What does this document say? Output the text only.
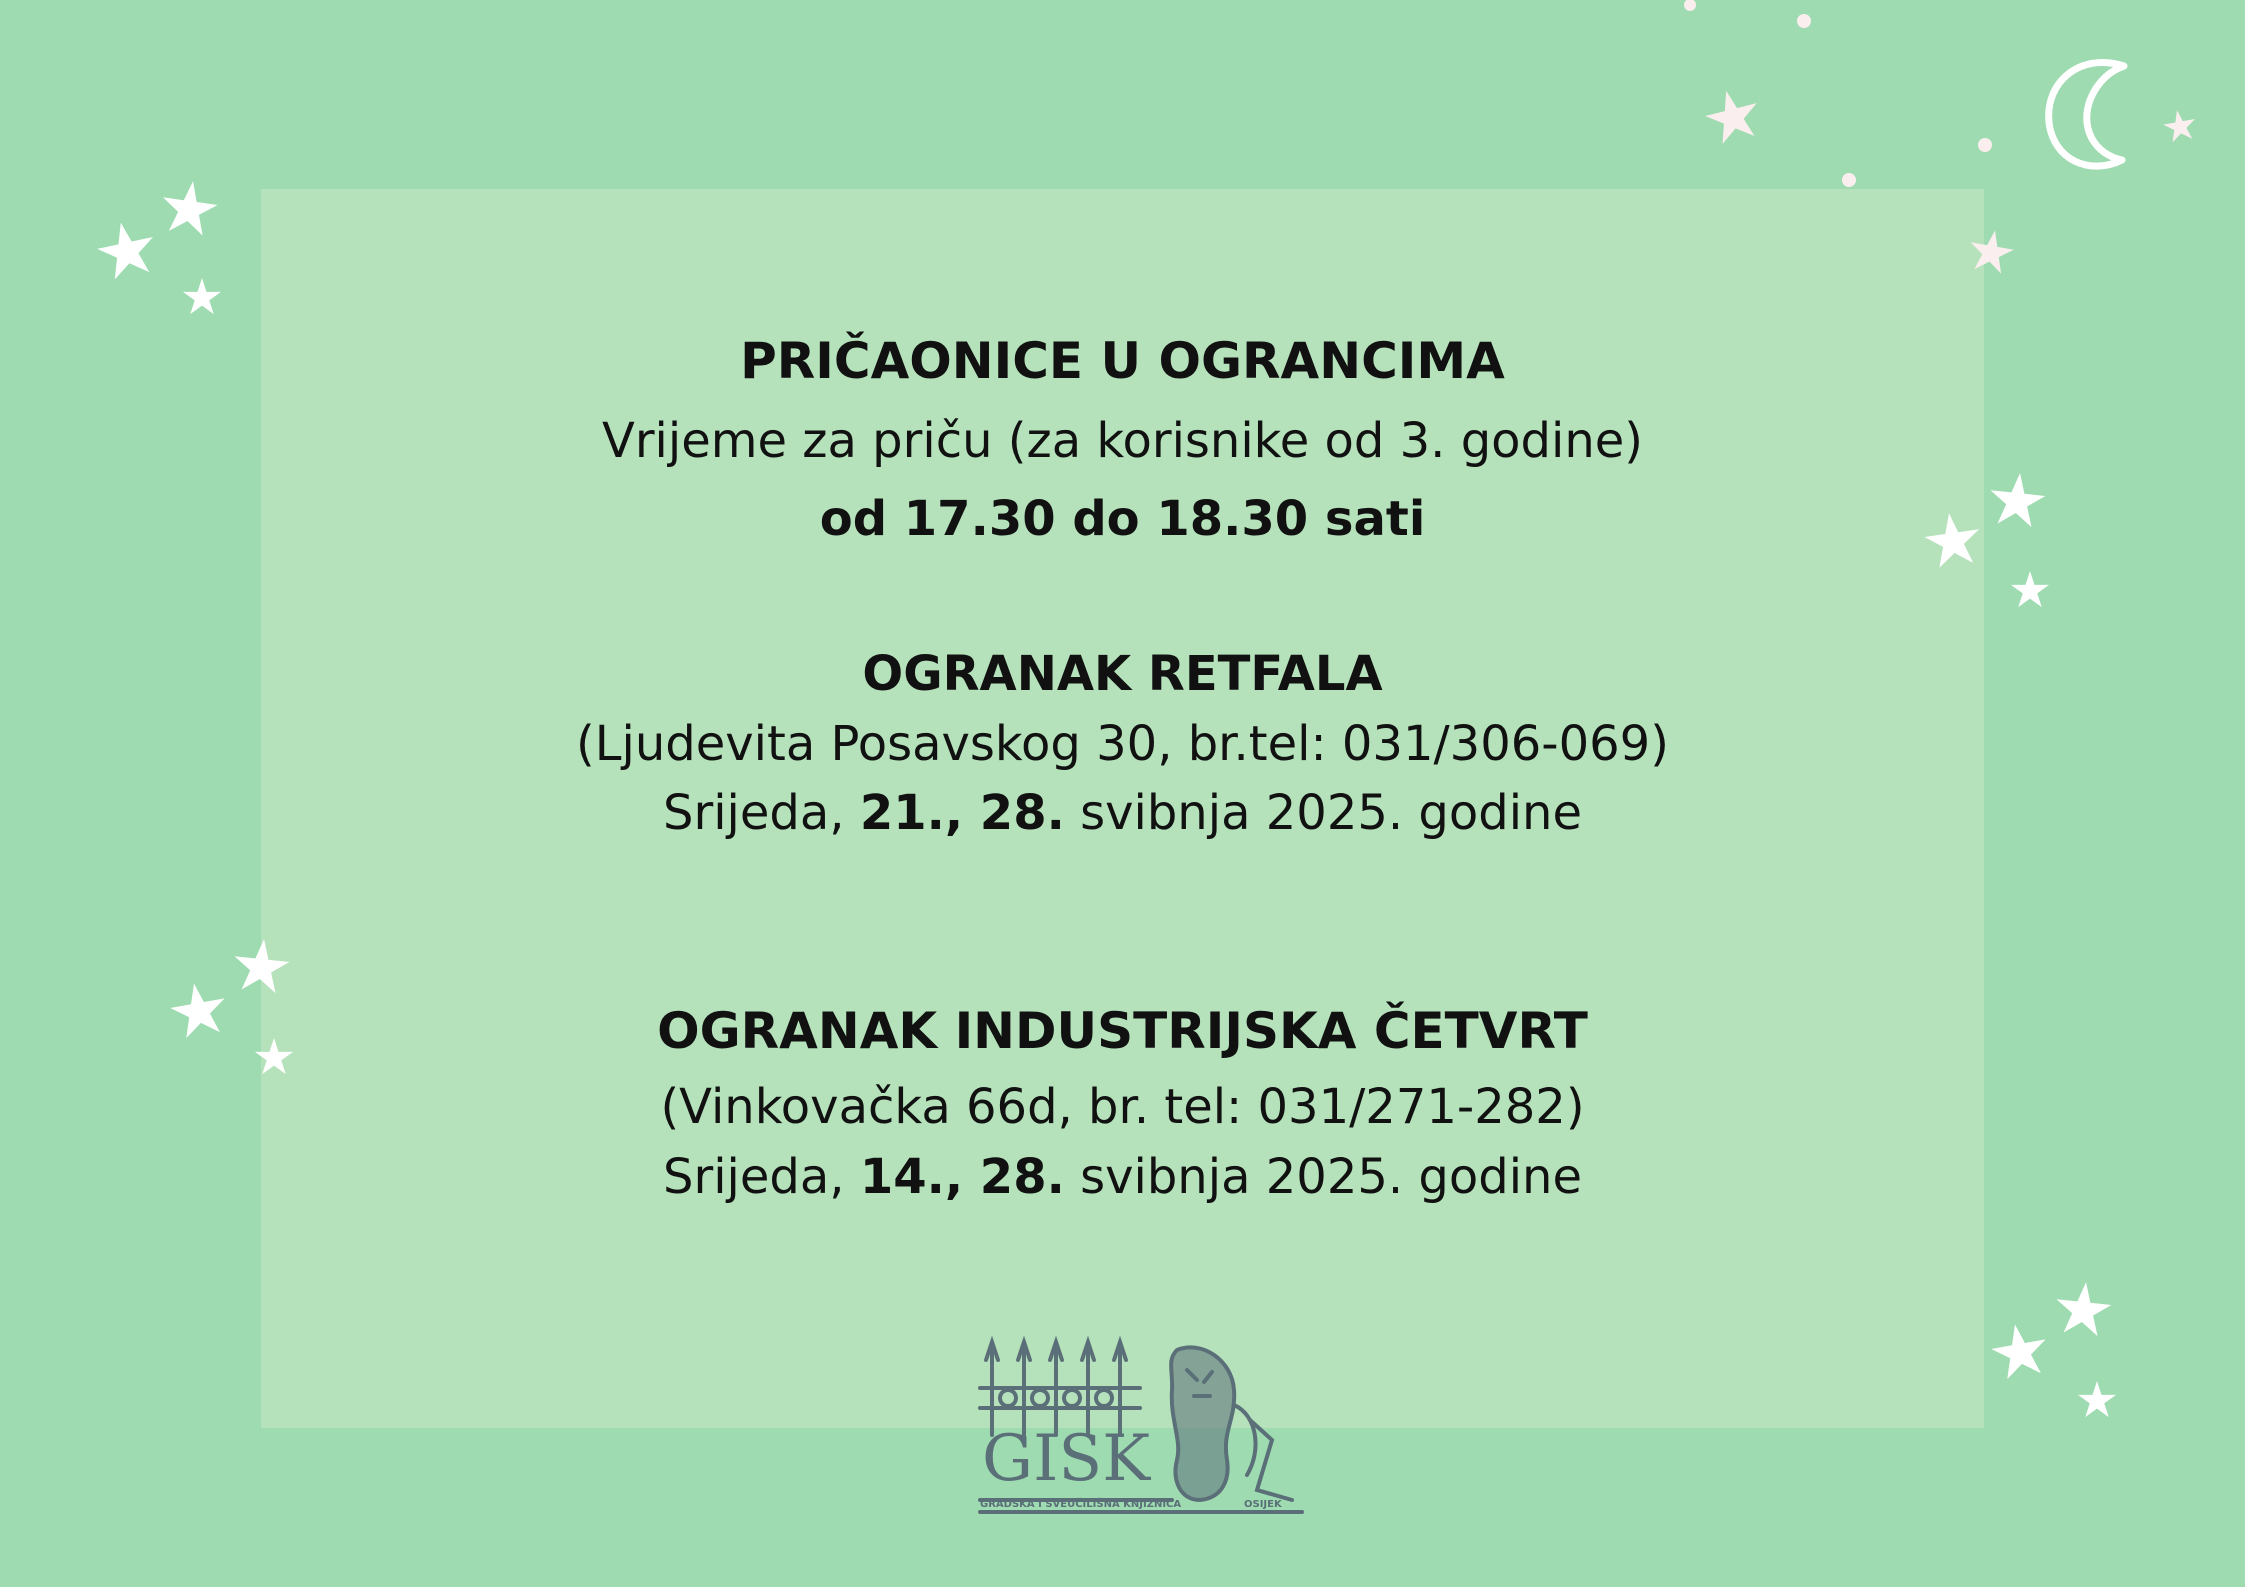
PRIČAONICE U OGRANCIMA
Vrijeme za priču (za korisnike od 3. godine)
od 17.30 do 18.30 sati
OGRANAK RETFALA
(Ljudevita Posavskog 30, br.tel: 031/306-069)
Srijeda, 21., 28. svibnja 2025. godine
OGRANAK INDUSTRIJSKA ČETVRT
(Vinkovačka 66d, br. tel: 031/271-282)
Srijeda, 14., 28. svibnja 2025. godine
GISK
GRADSKA I SVEUČILIŠNA KNJIŽNICA	OSIJEK
